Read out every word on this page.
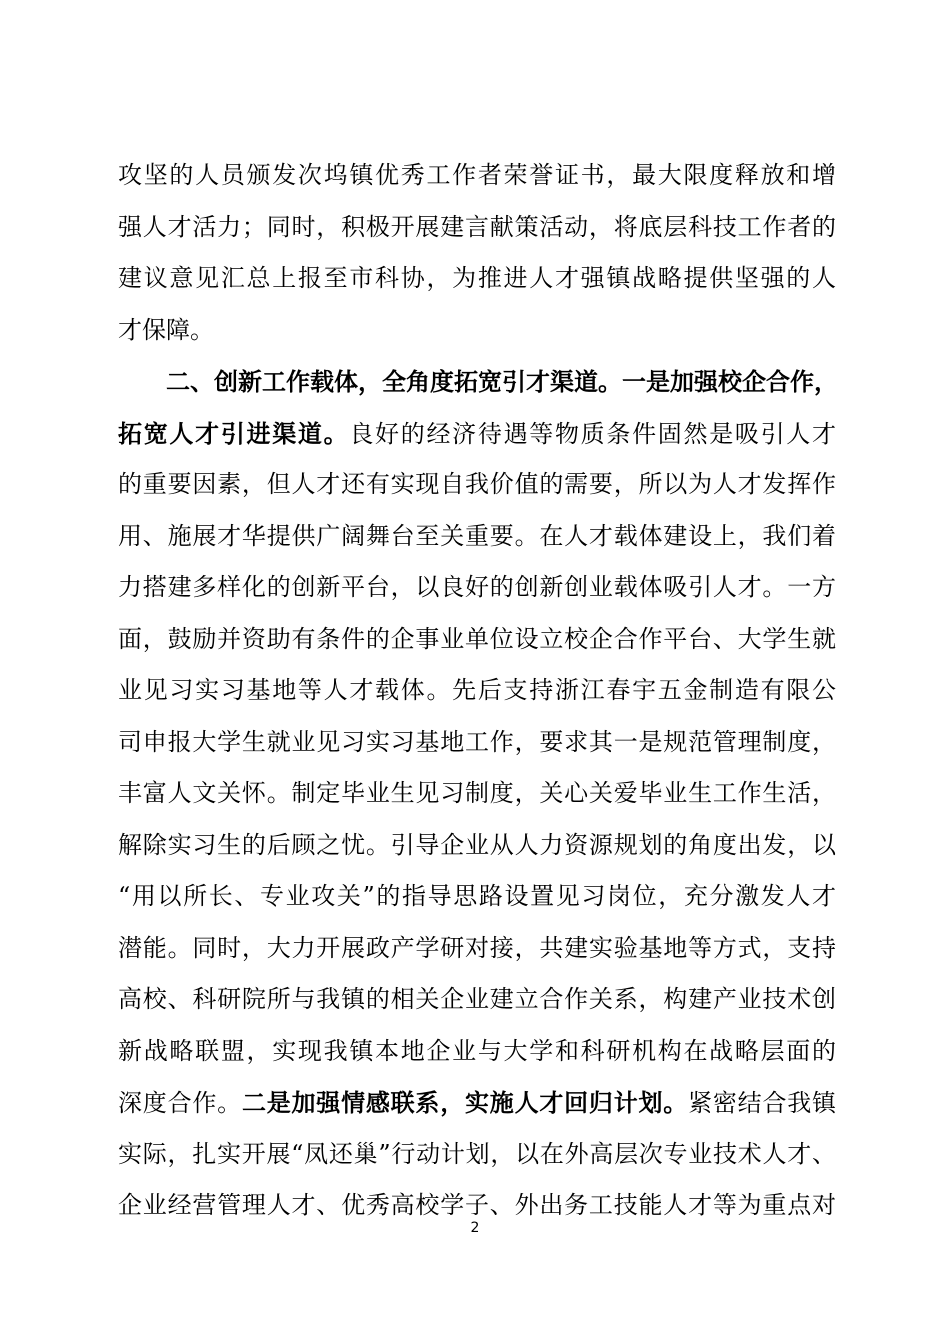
攻坚的人员颁发次坞镇优秀工作者荣誉证书，最大限度释放和增
强人才活力；同时，积极开展建言献策活动，将底层科技工作者的
建议意见汇总上报至市科协，为推进人才强镇战略提供坚强的人
才保障。
二、创新工作载体，全角度拓宽引才渠道。一是加强校企合作，
拓宽人才引进渠道。良好的经济待遇等物质条件固然是吸引人才
的重要因素，但人才还有实现自我价值的需要，所以为人才发挥作
用、施展才华提供广阔舞台至关重要。在人才载体建设上，我们着
力搭建多样化的创新平台，以良好的创新创业载体吸引人才。一方
面，鼓励并资助有条件的企事业单位设立校企合作平台、大学生就
业见习实习基地等人才载体。先后支持浙江春宇五金制造有限公
司申报大学生就业见习实习基地工作，要求其一是规范管理制度，
丰富人文关怀。制定毕业生见习制度，关心关爱毕业生工作生活，
解除实习生的后顾之忧。引导企业从人力资源规划的角度出发，以
“用以所长、专业攻关”的指导思路设置见习岗位，充分激发人才
潜能。同时，大力开展政产学研对接，共建实验基地等方式，支持
高校、科研院所与我镇的相关企业建立合作关系，构建产业技术创
新战略联盟，实现我镇本地企业与大学和科研机构在战略层面的
深度合作。二是加强情感联系，实施人才回归计划。紧密结合我镇
实际，扎实开展“凤还巢”行动计划，以在外高层次专业技术人才、
企业经营管理人才、优秀高校学子、外出务工技能人才等为重点对
2
